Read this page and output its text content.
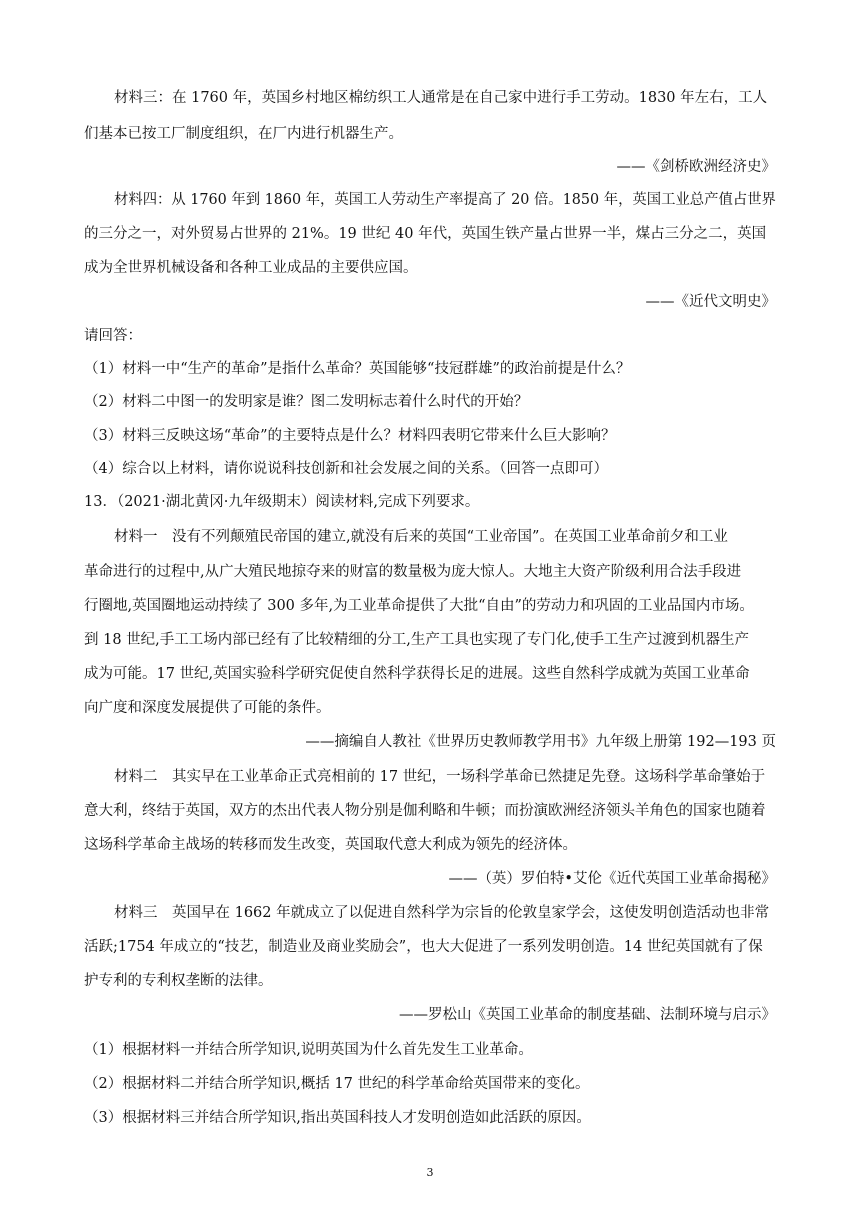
材料三：在 1760 年，英国乡村地区棉纺织工人通常是在自己家中进行手工劳动。1830 年左右，工人
们基本已按工厂制度组织，在厂内进行机器生产。
——《剑桥欧洲经济史》
材料四：从 1760 年到 1860 年，英国工人劳动生产率提高了 20 倍。1850 年，英国工业总产值占世界
的三分之一，对外贸易占世界的 21%。19 世纪 40 年代，英国生铁产量占世界一半，煤占三分之二，英国
成为全世界机械设备和各种工业成品的主要供应国。
——《近代文明史》
请回答：
（1）材料一中“生产的革命”是指什么革命？英国能够“技冠群雄”的政治前提是什么？
（2）材料二中图一的发明家是谁？图二发明标志着什么时代的开始？
（3）材料三反映这场“革命”的主要特点是什么？材料四表明它带来什么巨大影响？
（4）综合以上材料，请你说说科技创新和社会发展之间的关系。（回答一点即可）
13．（2021·湖北黄冈·九年级期末）阅读材料,完成下列要求。
材料一　没有不列颠殖民帝国的建立,就没有后来的英国“工业帝国”。在英国工业革命前夕和工业
革命进行的过程中,从广大殖民地掠夺来的财富的数量极为庞大惊人。大地主大资产阶级利用合法手段进
行圈地,英国圈地运动持续了 300 多年,为工业革命提供了大批“自由”的劳动力和巩固的工业品国内市场。
到 18 世纪,手工工场内部已经有了比较精细的分工,生产工具也实现了专门化,使手工生产过渡到机器生产
成为可能。17 世纪,英国实验科学研究促使自然科学获得长足的进展。这些自然科学成就为英国工业革命
向广度和深度发展提供了可能的条件。
——摘编自人教社《世界历史教师教学用书》九年级上册第 192—193 页
材料二　其实早在工业革命正式亮相前的 17 世纪，一场科学革命已然捷足先登。这场科学革命肇始于
意大利，终结于英国，双方的杰出代表人物分别是伽利略和牛顿；而扮演欧洲经济领头羊角色的国家也随着
这场科学革命主战场的转移而发生改变，英国取代意大利成为领先的经济体。
——（英）罗伯特•艾伦《近代英国工业革命揭秘》
材料三　英国早在 1662 年就成立了以促进自然科学为宗旨的伦敦皇家学会，这使发明创造活动也非常
活跃;1754 年成立的“技艺，制造业及商业奖励会”，也大大促进了一系列发明创造。14 世纪英国就有了保
护专利的专利权垄断的法律。
——罗松山《英国工业革命的制度基础、法制环境与启示》
（1）根据材料一并结合所学知识,说明英国为什么首先发生工业革命。
（2）根据材料二并结合所学知识,概括 17 世纪的科学革命给英国带来的变化。
（3）根据材料三并结合所学知识,指出英国科技人才发明创造如此活跃的原因。
3
